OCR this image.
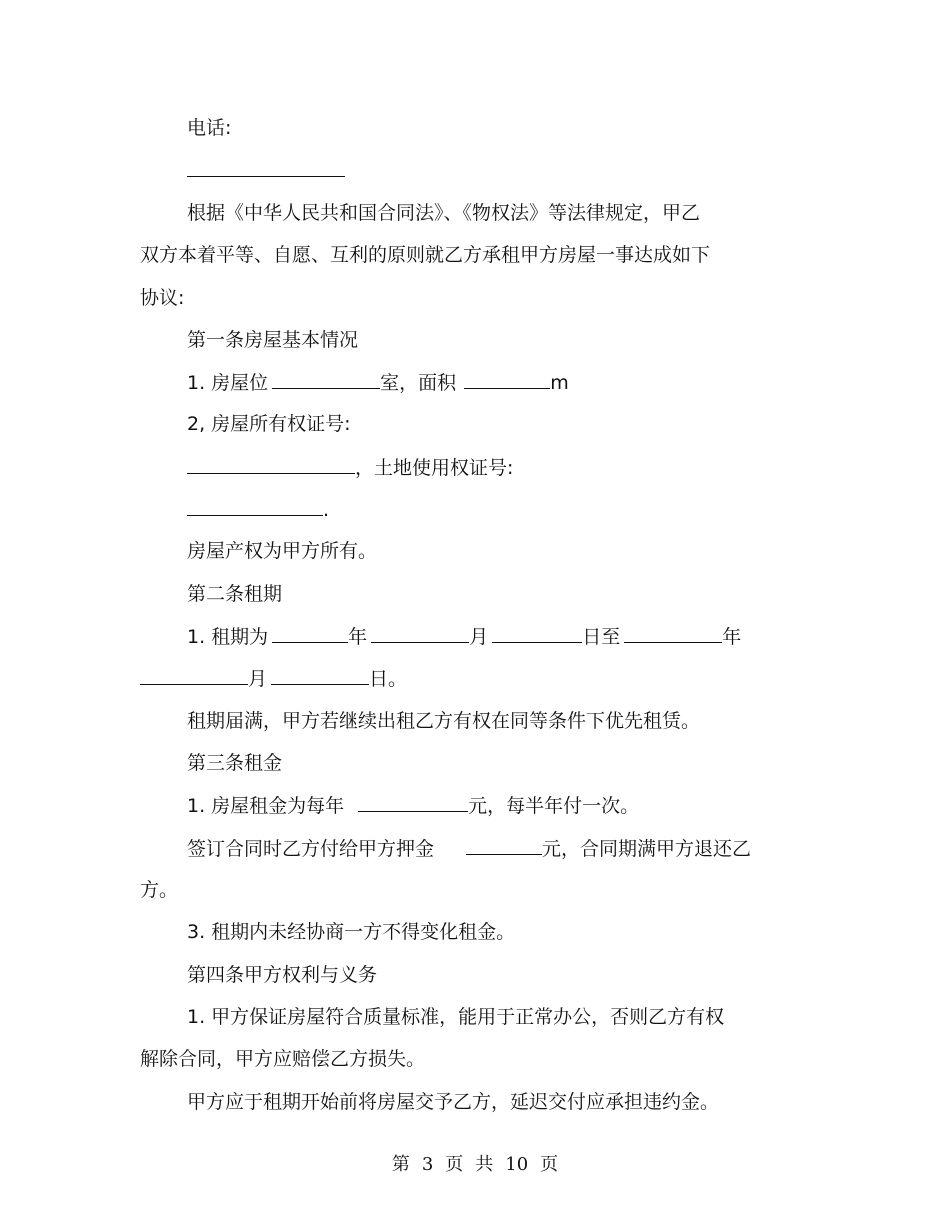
电话:
根据《中华人民共和国合同法》、《物权法》等法律规定，甲乙
双方本着平等、自愿、互利的原则就乙方承租甲方房屋一事达成如下
协议:
第一条房屋基本情况
1. 房屋位	室，面积	m
2, 房屋所有权证号:
，土地使用权证号:
.
房屋产权为甲方所有。
第二条租期
1. 租期为	年	月	日至	年
月	日。
租期届满，甲方若继续出租乙方有权在同等条件下优先租赁。
第三条租金
1. 房屋租金为每年	元，每半年付一次。
签订合同时乙方付给甲方押金	元，合同期满甲方退还乙
方。
3. 租期内未经协商一方不得变化租金。
第四条甲方权利与义务
1. 甲方保证房屋符合质量标准，能用于正常办公，否则乙方有权
解除合同，甲方应赔偿乙方损失。
甲方应于租期开始前将房屋交予乙方，延迟交付应承担违约金。
第 3 页 共 10 页
